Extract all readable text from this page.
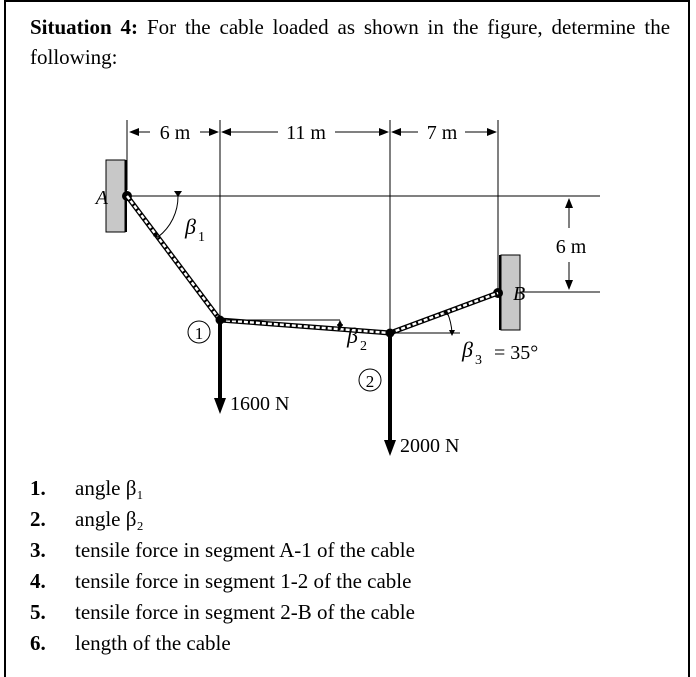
Situation 4: For the cable loaded as shown in the figure, determine the following:
6 m	11 m	7 m
6 m
A
B
β 1
β 2	β 3 = 35°
1
2
1600 N
2000 N
1. angle β₁
2. angle β₂
3. tensile force in segment A-1 of the cable
4. tensile force in segment 1-2 of the cable
5. tensile force in segment 2-B of the cable
6. length of the cable
